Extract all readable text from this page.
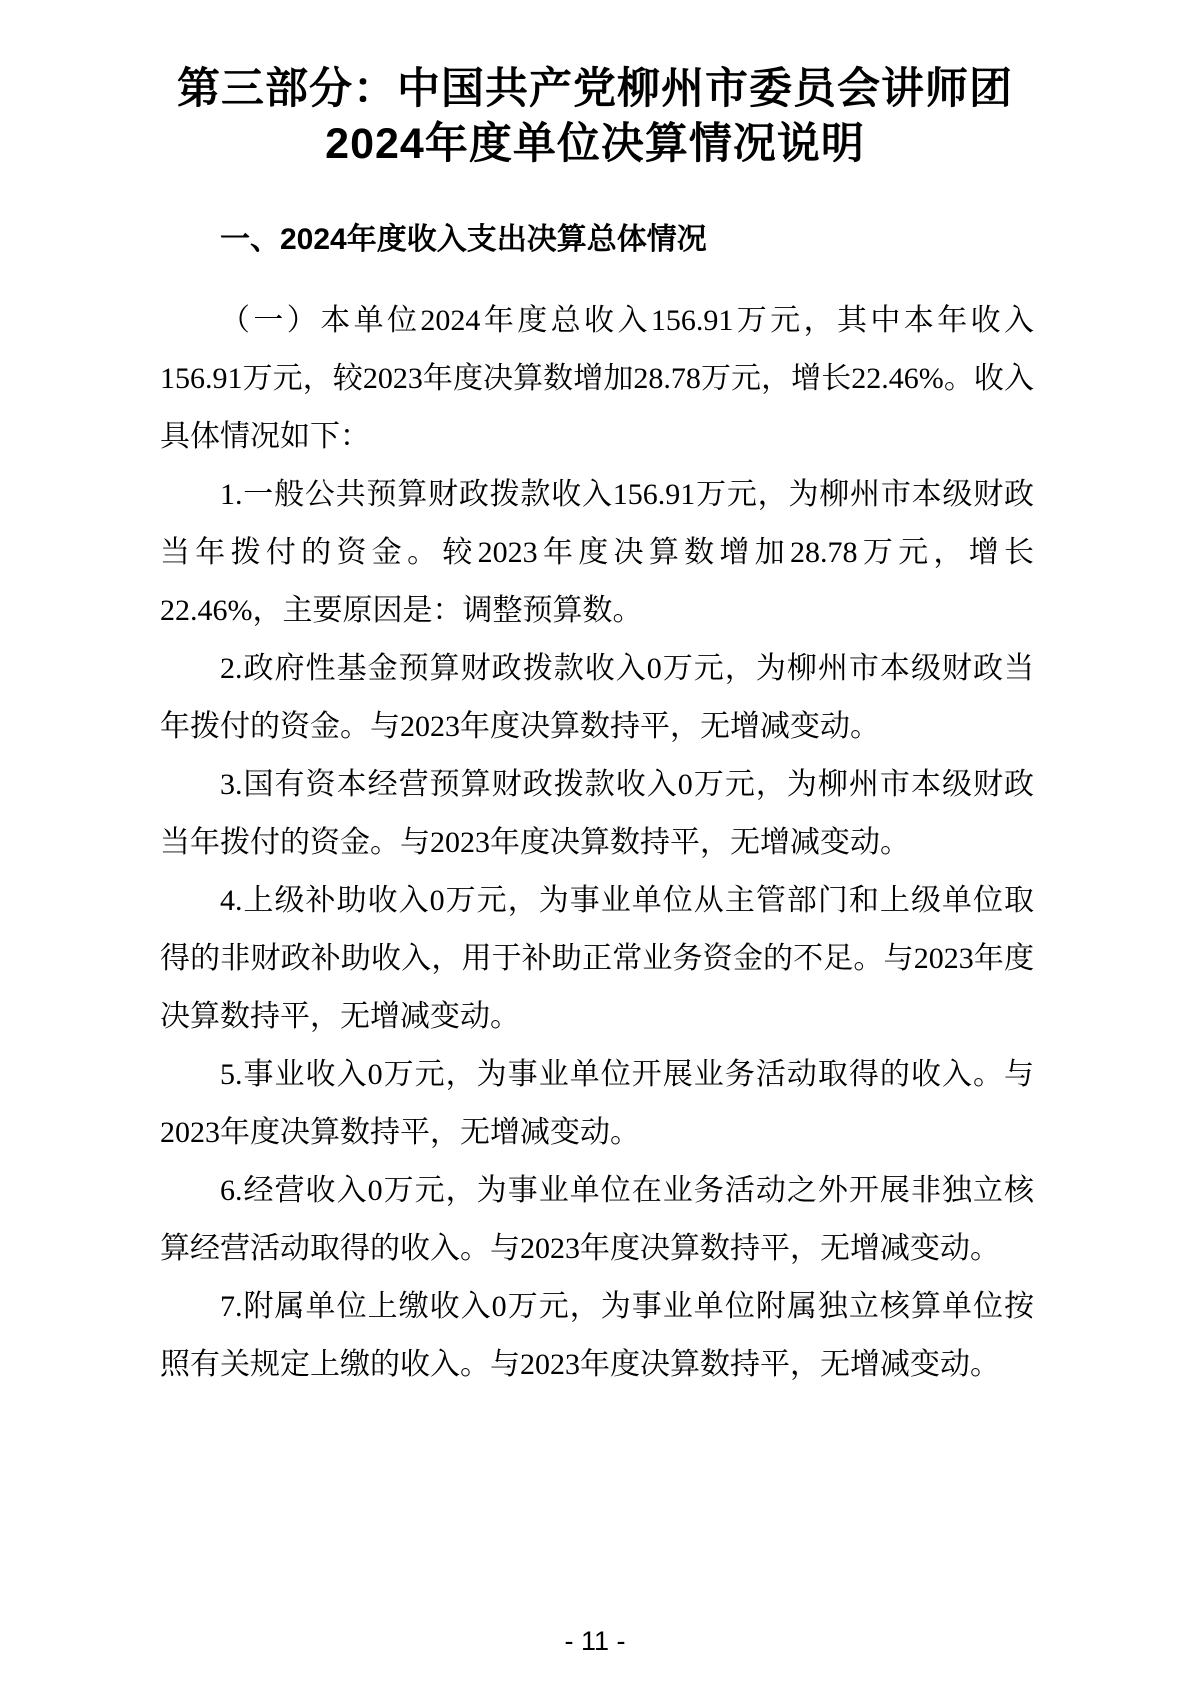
第三部分：中国共产党柳州市委员会讲师团
2024年度单位决算情况说明
一、2024年度收入支出决算总体情况

（一）本单位2024年度总收入156.91万元，其中本年收入156.91万元，较2023年度决算数增加28.78万元，增长22.46%。收入具体情况如下：

1.一般公共预算财政拨款收入156.91万元，为柳州市本级财政当年拨付的资金。较2023年度决算数增加28.78万元，增长22.46%，主要原因是：调整预算数。

2.政府性基金预算财政拨款收入0万元，为柳州市本级财政当年拨付的资金。与2023年度决算数持平，无增减变动。

3.国有资本经营预算财政拨款收入0万元，为柳州市本级财政当年拨付的资金。与2023年度决算数持平，无增减变动。

4.上级补助收入0万元，为事业单位从主管部门和上级单位取得的非财政补助收入，用于补助正常业务资金的不足。与2023年度决算数持平，无增减变动。

5.事业收入0万元，为事业单位开展业务活动取得的收入。与2023年度决算数持平，无增减变动。

6.经营收入0万元，为事业单位在业务活动之外开展非独立核算经营活动取得的收入。与2023年度决算数持平，无增减变动。

7.附属单位上缴收入0万元，为事业单位附属独立核算单位按照有关规定上缴的收入。与2023年度决算数持平，无增减变动。

- 11 -
